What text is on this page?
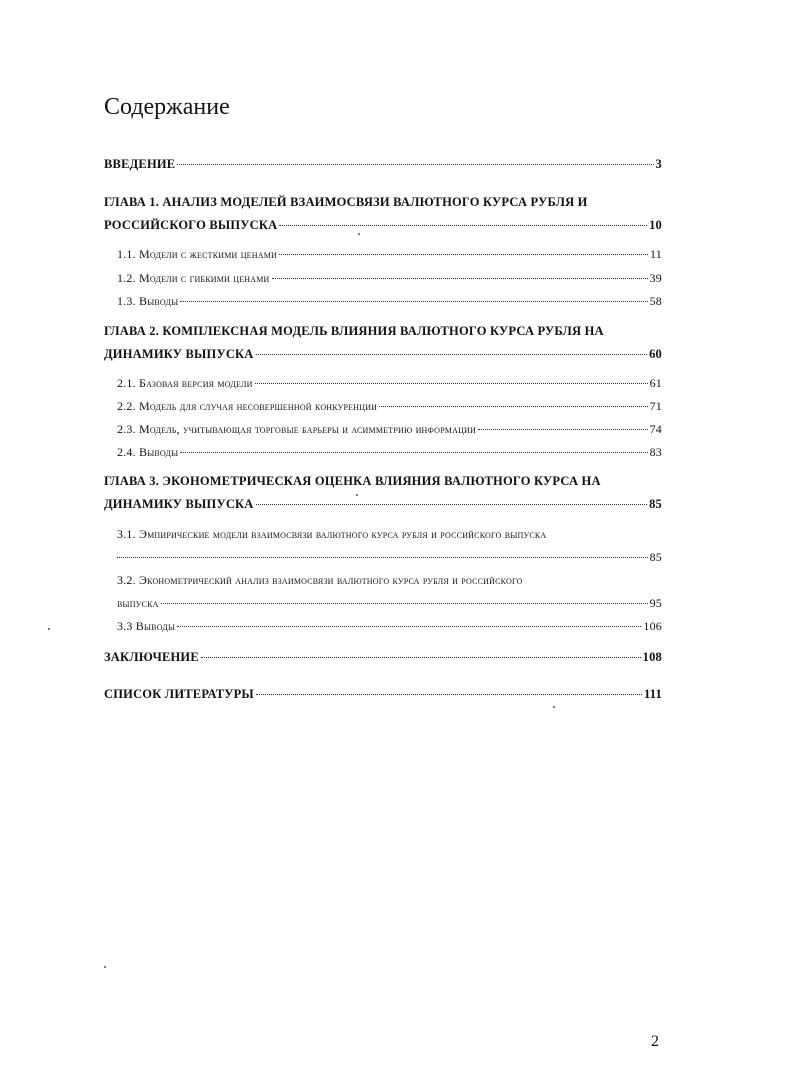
Содержание
ВВЕДЕНИЕ	3
ГЛАВА 1. АНАЛИЗ МОДЕЛЕЙ ВЗАИМОСВЯЗИ ВАЛЮТНОГО КУРСА РУБЛЯ И
РОССИЙСКОГО ВЫПУСКА	10
1.1. Модели с жесткими ценами	11
1.2. Модели с гибкими ценами	39
1.3. Выводы	58
ГЛАВА 2. КОМПЛЕКСНАЯ МОДЕЛЬ ВЛИЯНИЯ ВАЛЮТНОГО КУРСА РУБЛЯ НА
ДИНАМИКУ ВЫПУСКА	60
2.1. Базовая версия модели	61
2.2. Модель для случая несовершенной конкуренции	71
2.3. Модель, учитывающая торговые барьеры и асимметрию информации	74
2.4. Выводы	83
ГЛАВА 3. ЭКОНОМЕТРИЧЕСКАЯ ОЦЕНКА ВЛИЯНИЯ ВАЛЮТНОГО КУРСА НА
ДИНАМИКУ ВЫПУСКА	85
3.1. Эмпирические модели взаимосвязи валютного курса рубля и российского выпуска
85
3.2. Эконометрический анализ взаимосвязи валютного курса рубля и российского
выпуска	95
3.3 Выводы	106
ЗАКЛЮЧЕНИЕ	108
СПИСОК ЛИТЕРАТУРЫ	111
2
